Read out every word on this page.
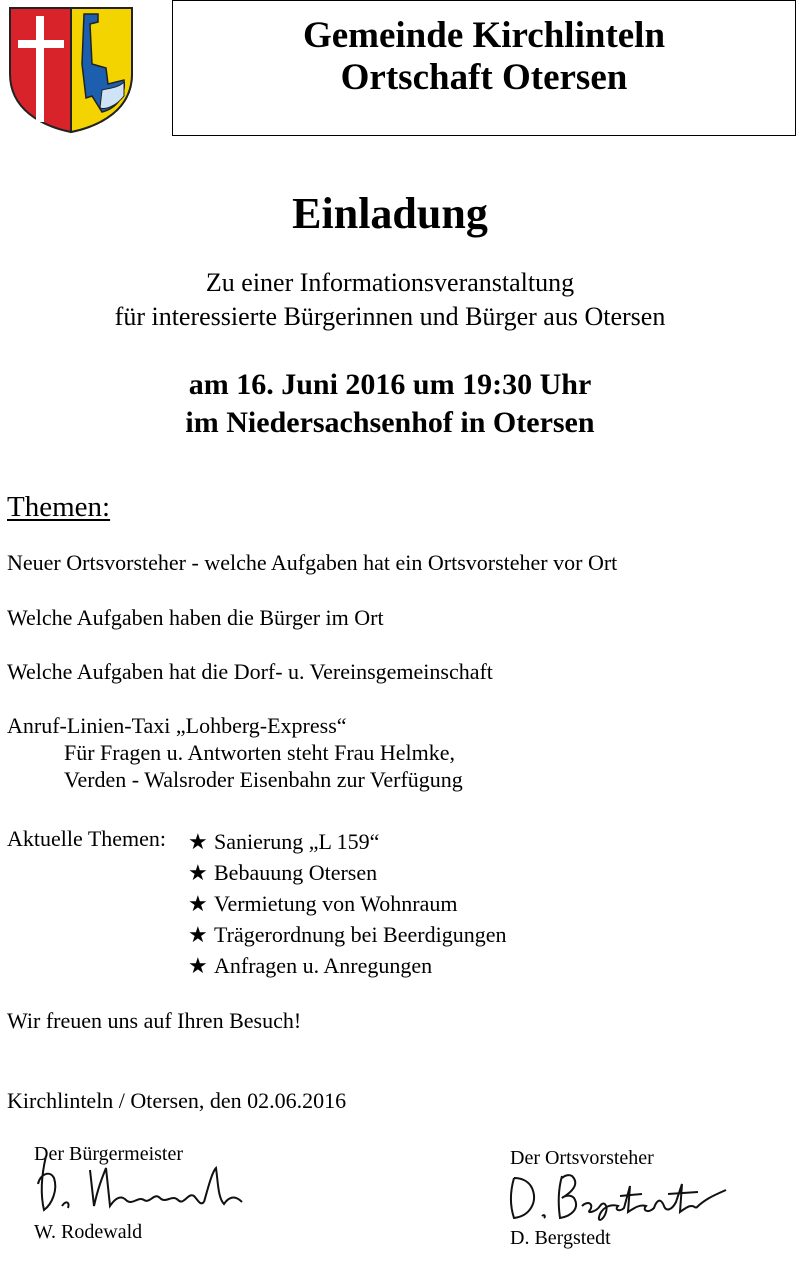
Gemeinde Kirchlinteln
Ortschaft Otersen
Einladung
Zu einer Informationsveranstaltung
für interessierte Bürgerinnen und Bürger aus Otersen
am 16. Juni 2016 um 19:30 Uhr
im Niedersachsenhof in Otersen
Themen:
Neuer Ortsvorsteher - welche Aufgaben hat ein Ortsvorsteher vor Ort
Welche Aufgaben haben die Bürger im Ort
Welche Aufgaben hat die Dorf- u. Vereinsgemeinschaft
Anruf-Linien-Taxi „Lohberg-Express“
Für Fragen u. Antworten steht Frau Helmke,
Verden - Walsroder Eisenbahn zur Verfügung
Aktuelle Themen: ★ Sanierung „L 159“
★ Bebauung Otersen
★ Vermietung von Wohnraum
★ Trägerordnung bei Beerdigungen
★ Anfragen u. Anregungen
Wir freuen uns auf Ihren Besuch!
Kirchlinteln / Otersen, den 02.06.2016
Der Bürgermeister
W. Rodewald
Der Ortsvorsteher
D. Bergstedt
